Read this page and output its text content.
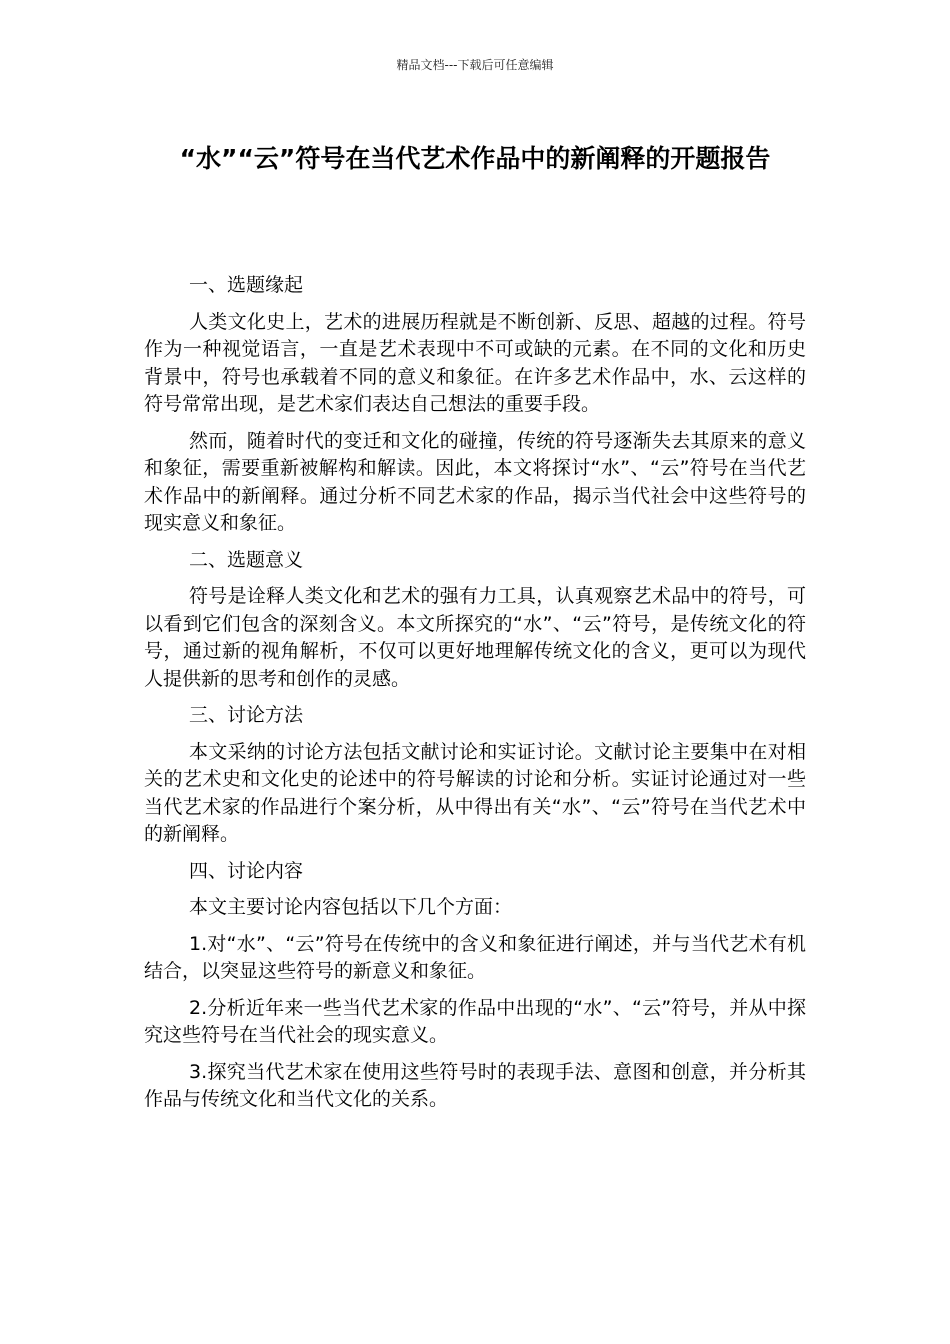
精品文档---下载后可任意编辑
“水”“云”符号在当代艺术作品中的新阐释的开题报告

一、选题缘起

人类文化史上，艺术的进展历程就是不断创新、反思、超越的过程。符号作为一种视觉语言，一直是艺术表现中不可或缺的元素。在不同的文化和历史背景中，符号也承载着不同的意义和象征。在许多艺术作品中，水、云这样的符号常常出现，是艺术家们表达自己想法的重要手段。

然而，随着时代的变迁和文化的碰撞，传统的符号逐渐失去其原来的意义和象征，需要重新被解构和解读。因此，本文将探讨“水”、“云”符号在当代艺术作品中的新阐释。通过分析不同艺术家的作品，揭示当代社会中这些符号的现实意义和象征。

二、选题意义

符号是诠释人类文化和艺术的强有力工具，认真观察艺术品中的符号，可以看到它们包含的深刻含义。本文所探究的“水”、“云”符号，是传统文化的符号，通过新的视角解析，不仅可以更好地理解传统文化的含义，更可以为现代人提供新的思考和创作的灵感。

三、讨论方法

本文采纳的讨论方法包括文献讨论和实证讨论。文献讨论主要集中在对相关的艺术史和文化史的论述中的符号解读的讨论和分析。实证讨论通过对一些当代艺术家的作品进行个案分析，从中得出有关“水”、“云”符号在当代艺术中的新阐释。

四、讨论内容

本文主要讨论内容包括以下几个方面：

1.对“水”、“云”符号在传统中的含义和象征进行阐述，并与当代艺术有机结合，以突显这些符号的新意义和象征。

2.分析近年来一些当代艺术家的作品中出现的“水”、“云”符号，并从中探究这些符号在当代社会的现实意义。

3.探究当代艺术家在使用这些符号时的表现手法、意图和创意，并分析其作品与传统文化和当代文化的关系。
